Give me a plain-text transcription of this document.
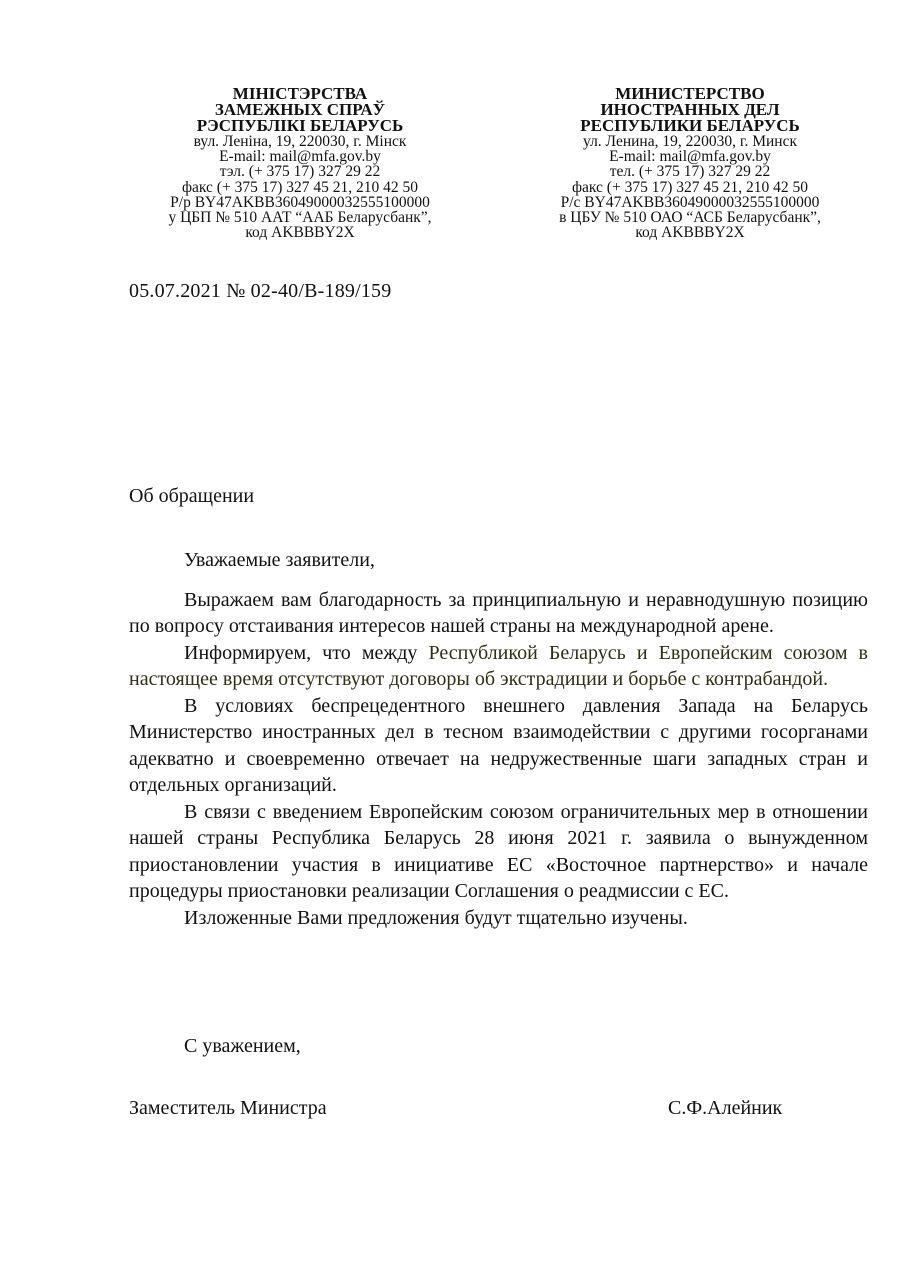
МІНІСТЭРСТВА
ЗАМЕЖНЫХ СПРАЎ
РЭСПУБЛІКІ БЕЛАРУСЬ
вул. Леніна, 19, 220030, г. Мінск
E-mail: mail@mfa.gov.by
тэл. (+ 375 17) 327 29 22
факс (+ 375 17) 327 45 21, 210 42 50
Р/р BY47AKBB36049000032555100000
у ЦБП № 510 ААТ “ААБ Беларусбанк”,
код AKBBBY2X
МИНИСТЕРСТВО
ИНОСТРАННЫХ ДЕЛ
РЕСПУБЛИКИ БЕЛАРУСЬ
ул. Ленина, 19, 220030, г. Минск
E-mail: mail@mfa.gov.by
тел. (+ 375 17) 327 29 22
факс (+ 375 17) 327 45 21, 210 42 50
Р/с BY47AKBB36049000032555100000
в ЦБУ № 510 ОАО “АСБ Беларусбанк”,
код AKBBBY2X
05.07.2021 № 02-40/В-189/159
Об обращении

Уважаемые заявители,

Выражаем вам благодарность за принципиальную и неравнодушную позицию по вопросу отстаивания интересов нашей страны на международной арене.

Информируем, что между Республикой Беларусь и Европейским союзом в настоящее время отсутствуют договоры об экстрадиции и борьбе с контрабандой.

В условиях беспрецедентного внешнего давления Запада на Беларусь Министерство иностранных дел в тесном взаимодействии с другими госорганами адекватно и своевременно отвечает на недружественные шаги западных стран и отдельных организаций.

В связи с введением Европейским союзом ограничительных мер в отношении нашей страны Республика Беларусь 28 июня 2021 г. заявила о вынужденном приостановлении участия в инициативе ЕС «Восточное партнерство» и начале процедуры приостановки реализации Соглашения о реадмиссии с ЕС.

Изложенные Вами предложения будут тщательно изучены.

С уважением,
Заместитель Министра	С.Ф.Алейник
